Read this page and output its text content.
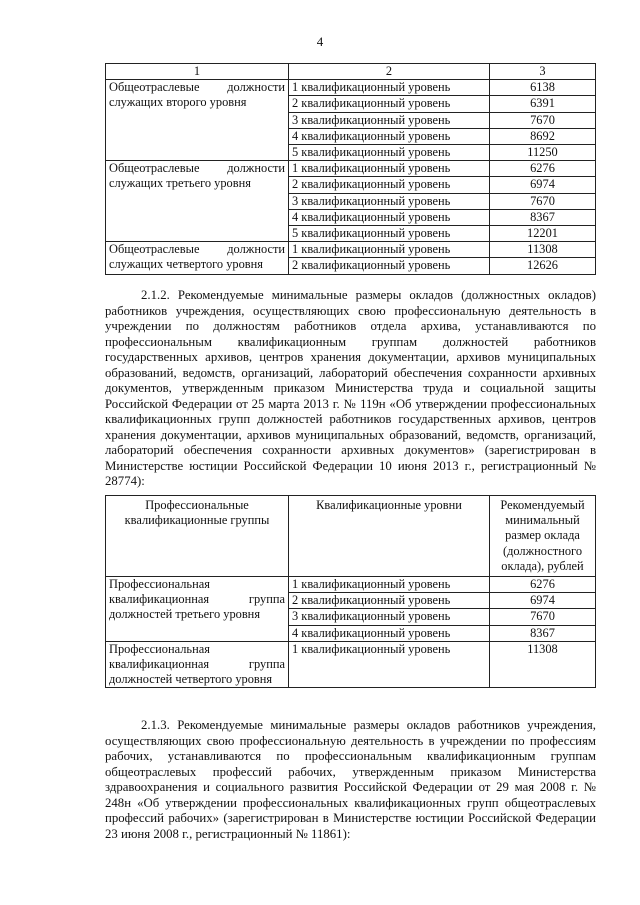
4
1	2	3

Общеотраслевые должности
служащих второго уровня	1 квалификационный уровень	6138
	2 квалификационный уровень	6391
	3 квалификационный уровень	7670
	4 квалификационный уровень	8692
	5 квалификационный уровень	11250

Общеотраслевые должности
служащих третьего уровня	1 квалификационный уровень	6276
	2 квалификационный уровень	6974
	3 квалификационный уровень	7670
	4 квалификационный уровень	8367
	5 квалификационный уровень	12201

Общеотраслевые должности
служащих четвертого уровня	1 квалификационный уровень	11308
	2 квалификационный уровень	12626

2.1.2. Рекомендуемые минимальные размеры окладов (должностных окладов) работников учреждения, осуществляющих свою профессиональную деятельность в учреждении по должностям работников отдела архива, устанавливаются по профессиональным квалификационным группам должностей работников государственных архивов, центров хранения документации, архивов муниципальных образований, ведомств, организаций, лабораторий обеспечения сохранности архивных документов, утвержденным приказом Министерства труда и социальной защиты Российской Федерации от 25 марта 2013 г. № 119н «Об утверждении профессиональных квалификационных групп должностей работников государственных архивов, центров хранения документации, архивов муниципальных образований, ведомств, организаций, лабораторий обеспечения сохранности архивных документов» (зарегистрирован в Министерстве юстиции Российской Федерации 10 июня 2013 г., регистрационный № 28774):

Профессиональные квалификационные группы	Квалификационные уровни	Рекомендуемый минимальный размер оклада (должностного оклада), рублей
Профессиональная квалификационная группа должностей третьего уровня	1 квалификационный уровень	6276
	2 квалификационный уровень	6974
	3 квалификационный уровень	7670
	4 квалификационный уровень	8367
Профессиональная квалификационная группа должностей четвертого уровня	1 квалификационный уровень	11308

2.1.3. Рекомендуемые минимальные размеры окладов работников учреждения, осуществляющих свою профессиональную деятельность в учреждении по профессиям рабочих, устанавливаются по профессиональным квалификационным группам общеотраслевых профессий рабочих, утвержденным приказом Министерства здравоохранения и социального развития Российской Федерации от 29 мая 2008 г. № 248н «Об утверждении профессиональных квалификационных групп общеотраслевых профессий рабочих» (зарегистрирован в Министерстве юстиции Российской Федерации 23 июня 2008 г., регистрационный № 11861):
